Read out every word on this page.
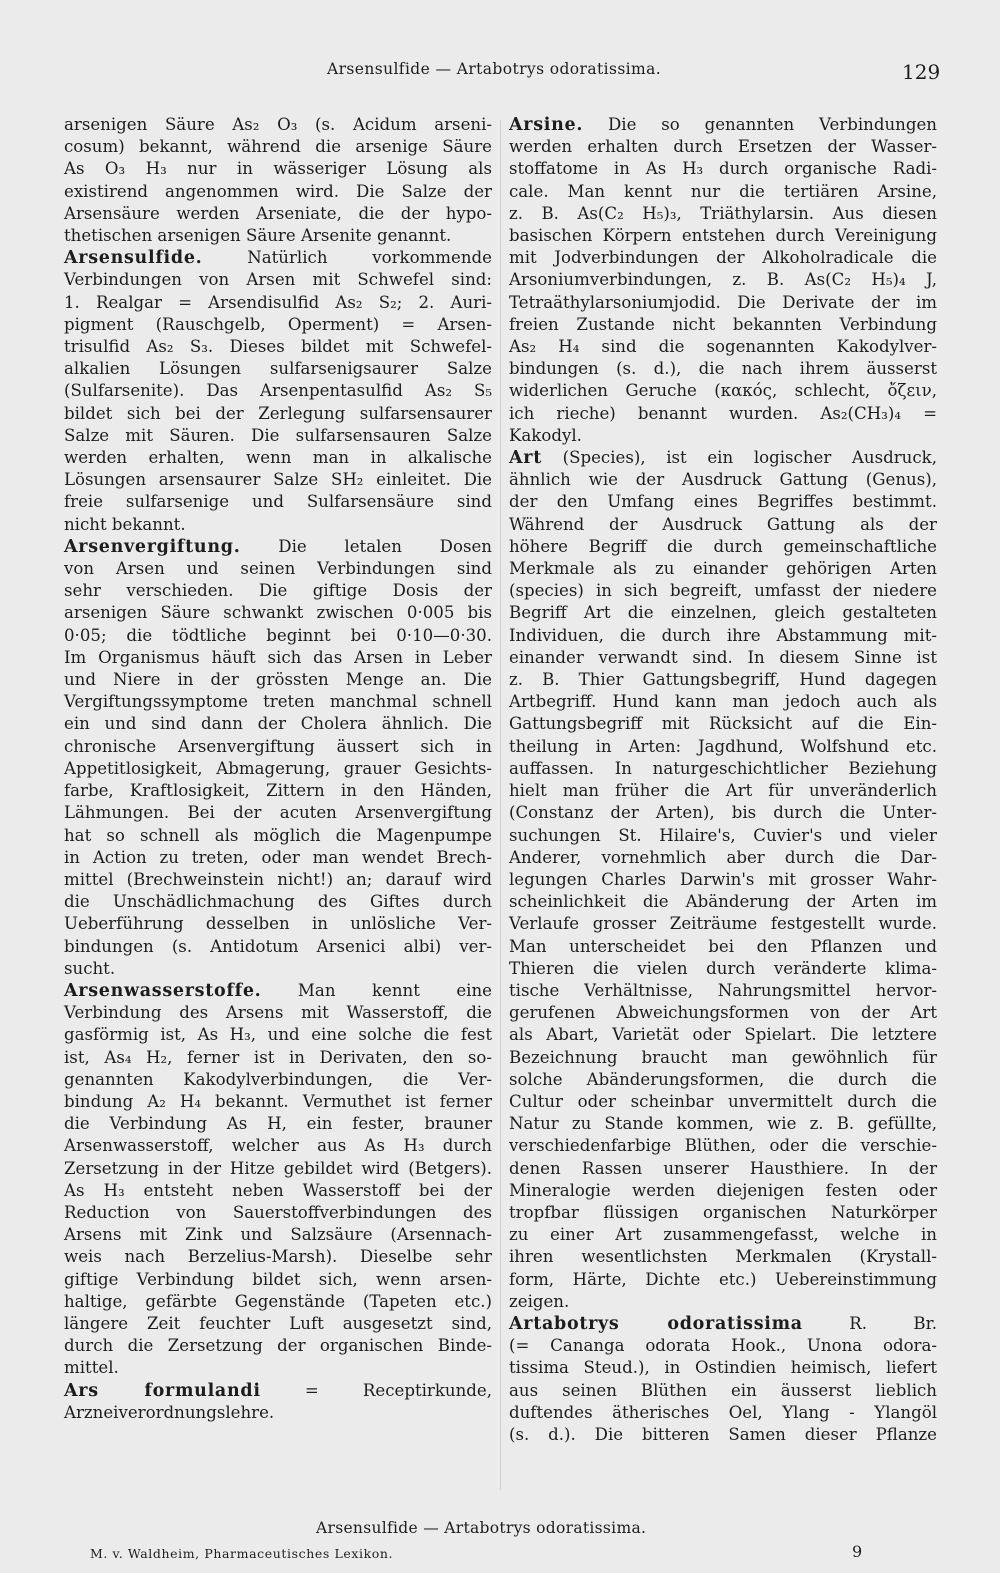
Arsensulfide — Artabotrys odoratissima.	129
arsenigen Säure As₂ O₃ (s. Acidum arseni-
cosum) bekannt, während die arsenige Säure
As O₃ H₃ nur in wässeriger Lösung als
existirend angenommen wird. Die Salze der
Arsensäure werden Arseniate, die der hypo-
thetischen arsenigen Säure Arsenite genannt.
Arsensulfide. Natürlich vorkommende
Verbindungen von Arsen mit Schwefel sind:
1. Realgar = Arsendisulfid As₂ S₂; 2. Auri-
pigment (Rauschgelb, Operment) = Arsen-
trisulfid As₂ S₃. Dieses bildet mit Schwefel-
alkalien Lösungen sulfarsenigsaurer Salze
(Sulfarsenite). Das Arsenpentasulfid As₂ S₅
bildet sich bei der Zerlegung sulfarsensaurer
Salze mit Säuren. Die sulfarsensauren Salze
werden erhalten, wenn man in alkalische
Lösungen arsensaurer Salze SH₂ einleitet. Die
freie sulfarsenige und Sulfarsensäure sind
nicht bekannt.
Arsenvergiftung. Die letalen Dosen
von Arsen und seinen Verbindungen sind
sehr verschieden. Die giftige Dosis der
arsenigen Säure schwankt zwischen 0·005 bis
0·05; die tödtliche beginnt bei 0·10—0·30.
Im Organismus häuft sich das Arsen in Leber
und Niere in der grössten Menge an. Die
Vergiftungssymptome treten manchmal schnell
ein und sind dann der Cholera ähnlich. Die
chronische Arsenvergiftung äussert sich in
Appetitlosigkeit, Abmagerung, grauer Gesichts-
farbe, Kraftlosigkeit, Zittern in den Händen,
Lähmungen. Bei der acuten Arsenvergiftung
hat so schnell als möglich die Magenpumpe
in Action zu treten, oder man wendet Brech-
mittel (Brechweinstein nicht!) an; darauf wird
die Unschädlichmachung des Giftes durch
Ueberführung desselben in unlösliche Ver-
bindungen (s. Antidotum Arsenici albi) ver-
sucht.
Arsenwasserstoffe. Man kennt eine
Verbindung des Arsens mit Wasserstoff, die
gasförmig ist, As H₃, und eine solche die fest
ist, As₄ H₂, ferner ist in Derivaten, den so-
genannten Kakodylverbindungen, die Ver-
bindung A₂ H₄ bekannt. Vermuthet ist ferner
die Verbindung As H, ein fester, brauner
Arsenwasserstoff, welcher aus As H₃ durch
Zersetzung in der Hitze gebildet wird (Betgers).
As H₃ entsteht neben Wasserstoff bei der
Reduction von Sauerstoffverbindungen des
Arsens mit Zink und Salzsäure (Arsennach-
weis nach Berzelius-Marsh). Dieselbe sehr
giftige Verbindung bildet sich, wenn arsen-
haltige, gefärbte Gegenstände (Tapeten etc.)
längere Zeit feuchter Luft ausgesetzt sind,
durch die Zersetzung der organischen Binde-
mittel.
Ars formulandi = Receptirkunde,
Arzneiverordnungslehre.
Arsine. Die so genannten Verbindungen
werden erhalten durch Ersetzen der Wasser-
stoffatome in As H₃ durch organische Radi-
cale. Man kennt nur die tertiären Arsine,
z. B. As(C₂ H₅)₃, Triäthylarsin. Aus diesen
basischen Körpern entstehen durch Vereinigung
mit Jodverbindungen der Alkoholradicale die
Arsoniumverbindungen, z. B. As(C₂ H₅)₄ J,
Tetraäthylarsoniumjodid. Die Derivate der im
freien Zustande nicht bekannten Verbindung
As₂ H₄ sind die sogenannten Kakodylver-
bindungen (s. d.), die nach ihrem äusserst
widerlichen Geruche (κακός, schlecht, ὄζειν,
ich rieche) benannt wurden. As₂(CH₃)₄ =
Kakodyl.
Art (Species), ist ein logischer Ausdruck,
ähnlich wie der Ausdruck Gattung (Genus),
der den Umfang eines Begriffes bestimmt.
Während der Ausdruck Gattung als der
höhere Begriff die durch gemeinschaftliche
Merkmale als zu einander gehörigen Arten
(species) in sich begreift, umfasst der niedere
Begriff Art die einzelnen, gleich gestalteten
Individuen, die durch ihre Abstammung mit-
einander verwandt sind. In diesem Sinne ist
z. B. Thier Gattungsbegriff, Hund dagegen
Artbegriff. Hund kann man jedoch auch als
Gattungsbegriff mit Rücksicht auf die Ein-
theilung in Arten: Jagdhund, Wolfshund etc.
auffassen. In naturgeschichtlicher Beziehung
hielt man früher die Art für unveränderlich
(Constanz der Arten), bis durch die Unter-
suchungen St. Hilaire's, Cuvier's und vieler
Anderer, vornehmlich aber durch die Dar-
legungen Charles Darwin's mit grosser Wahr-
scheinlichkeit die Abänderung der Arten im
Verlaufe grosser Zeiträume festgestellt wurde.
Man unterscheidet bei den Pflanzen und
Thieren die vielen durch veränderte klima-
tische Verhältnisse, Nahrungsmittel hervor-
gerufenen Abweichungsformen von der Art
als Abart, Varietät oder Spielart. Die letztere
Bezeichnung braucht man gewöhnlich für
solche Abänderungsformen, die durch die
Cultur oder scheinbar unvermittelt durch die
Natur zu Stande kommen, wie z. B. gefüllte,
verschiedenfarbige Blüthen, oder die verschie-
denen Rassen unserer Hausthiere. In der
Mineralogie werden diejenigen festen oder
tropfbar flüssigen organischen Naturkörper
zu einer Art zusammengefasst, welche in
ihren wesentlichsten Merkmalen (Krystall-
form, Härte, Dichte etc.) Uebereinstimmung
zeigen.
Artabotrys odoratissima R. Br.
(= Cananga odorata Hook., Unona odora-
tissima Steud.), in Ostindien heimisch, liefert
aus seinen Blüthen ein äusserst lieblich
duftendes ätherisches Oel, Ylang - Ylangöl
(s. d.). Die bitteren Samen dieser Pflanze
Arsensulfide — Artabotrys odoratissima.
M. v. Waldheim, Pharmaceutisches Lexikon.	9
